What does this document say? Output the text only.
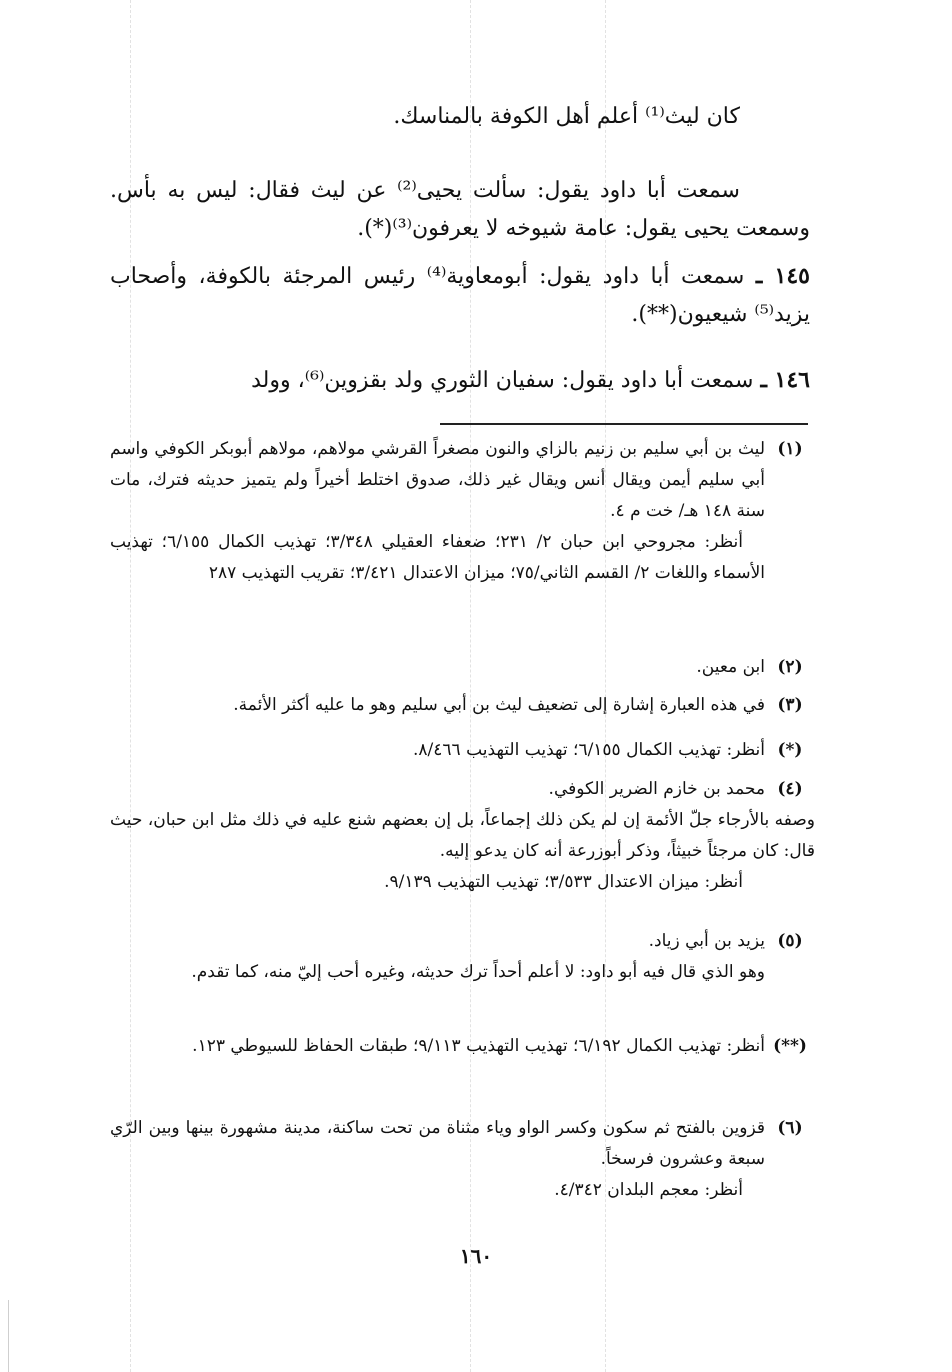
كان ليث⁽¹⁾ أعلم أهل الكوفة بالمناسك.
سمعت أبا داود يقول: سألت يحيى⁽²⁾ عن ليث فقال: ليس به بأس. وسمعت يحيى يقول: عامة شيوخه لا يعرفون⁽³⁾(*).
١٤٥ ـ سمعت أبا داود يقول: أبومعاوية⁽⁴⁾ رئيس المرجئة بالكوفة، وأصحاب يزيد⁽⁵⁾ شيعيون(**).
١٤٦ ـ سمعت أبا داود يقول: سفيان الثوري ولد بقزوين⁽⁶⁾، وولد
(١)
ليث بن أبي سليم بن زنيم بالزاي والنون مصغراً القرشي مولاهم، مولاهم أبوبكر الكوفي واسم أبي سليم أيمن ويقال أنس ويقال غير ذلك، صدوق اختلط أخيراً ولم يتميز حديثه فترك، مات سنة ١٤٨ هـ/ خت م ٤.
أنظر: مجروحي ابن حبان ٢/ ٢٣١؛ ضعفاء العقيلي ٣/٣٤٨؛ تهذيب الكمال ٦/١٥٥؛ تهذيب الأسماء واللغات ٢/ القسم الثاني/٧٥؛ ميزان الاعتدال ٣/٤٢١؛ تقريب التهذيب ٢٨٧
(٢)
ابن معين.
(٣)
في هذه العبارة إشارة إلى تضعيف ليث بن أبي سليم وهو ما عليه أكثر الأئمة.
(*)
أنظر: تهذيب الكمال ٦/١٥٥؛ تهذيب التهذيب ٨/٤٦٦.
(٤)
محمد بن خازم الضرير الكوفي.
وصفه بالأرجاء جلّ الأئمة إن لم يكن ذلك إجماعاً، بل إن بعضهم شنع عليه في ذلك مثل ابن حبان، حيث قال: كان مرجئاً خبيثاً، وذكر أبوزرعة أنه كان يدعو إليه.
أنظر: ميزان الاعتدال ٣/٥٣٣؛ تهذيب التهذيب ٩/١٣٩.
(٥)
يزيد بن أبي زياد.
وهو الذي قال فيه أبو داود: لا أعلم أحداً ترك حديثه، وغيره أحب إليّ منه، كما تقدم.
(**)
أنظر: تهذيب الكمال ٦/١٩٢؛ تهذيب التهذيب ٩/١١٣؛ طبقات الحفاظ للسيوطي ١٢٣.
(٦)
قزوين بالفتح ثم سكون وكسر الواو وياء مثناة من تحت ساكنة، مدينة مشهورة بينها وبين الرّي سبعة وعشرون فرسخاً.
أنظر: معجم البلدان ٤/٣٤٢.
١٦٠
